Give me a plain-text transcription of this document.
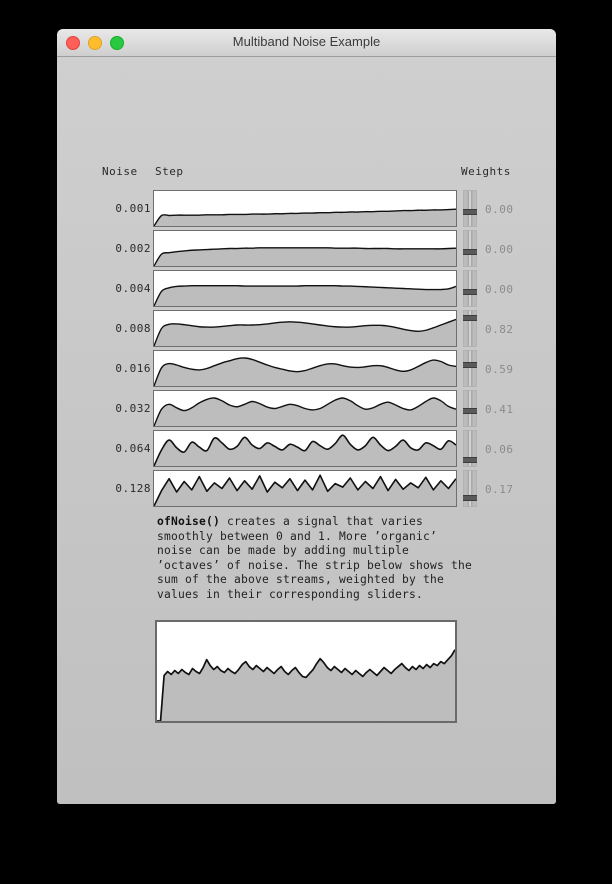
Multiband Noise Example
Noise Step	Weights
0.001	0.00
0.002	0.00
0.004	0.00
0.008	0.82
0.016	0.59
0.032	0.41
0.064	0.06
0.128	0.17
ofNoise() creates a signal that varies smoothly between 0 and 1. More ’organic’ noise can be made by adding multiple ’octaves’ of noise. The strip below shows the sum of the above streams, weighted by the values in their corresponding sliders.
